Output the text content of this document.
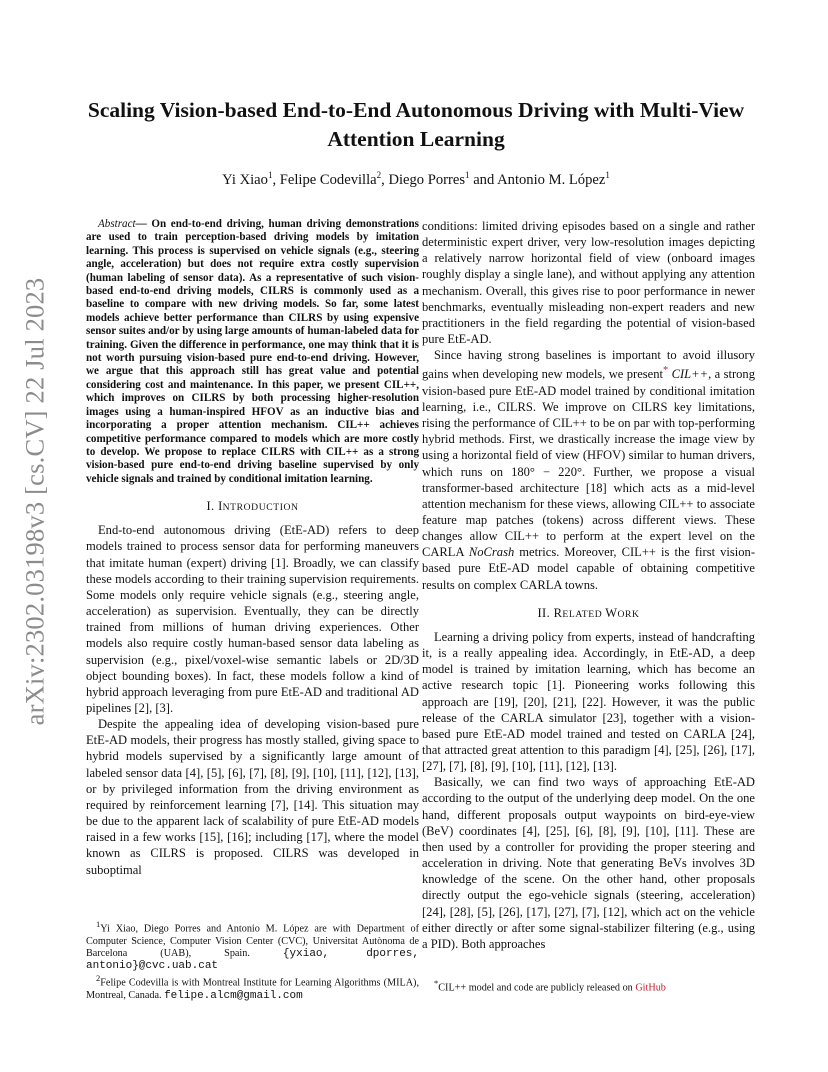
arXiv:2302.03198v3 [cs.CV] 22 Jul 2023
Scaling Vision-based End-to-End Autonomous Driving with Multi-View Attention Learning
Yi Xiao$^1$, Felipe Codevilla$^2$, Diego Porres$^1$ and Antonio M. López$^1$

Abstract— On end-to-end driving, human driving demonstrations are used to train perception-based driving models by imitation learning. This process is supervised on vehicle signals (e.g., steering angle, acceleration) but does not require extra costly supervision (human labeling of sensor data). As a representative of such vision-based end-to-end driving models, CILRS is commonly used as a baseline to compare with new driving models. So far, some latest models achieve better performance than CILRS by using expensive sensor suites and/or by using large amounts of human-labeled data for training. Given the difference in performance, one may think that it is not worth pursuing vision-based pure end-to-end driving. However, we argue that this approach still has great value and potential considering cost and maintenance. In this paper, we present CIL++, which improves on CILRS by both processing higher-resolution images using a human-inspired HFOV as an inductive bias and incorporating a proper attention mechanism. CIL++ achieves competitive performance compared to models which are more costly to develop. We propose to replace CILRS with CIL++ as a strong vision-based pure end-to-end driving baseline supervised by only vehicle signals and trained by conditional imitation learning.

I. INTRODUCTION

End-to-end autonomous driving (EtE-AD) refers to deep models trained to process sensor data for performing maneuvers that imitate human (expert) driving [1]. Broadly, we can classify these models according to their training supervision requirements. Some models only require vehicle signals (e.g., steering angle, acceleration) as supervision. Eventually, they can be directly trained from millions of human driving experiences. Other models also require costly human-based sensor data labeling as supervision (e.g., pixel/voxel-wise semantic labels or 2D/3D object bounding boxes). In fact, these models follow a kind of hybrid approach leveraging from pure EtE-AD and traditional AD pipelines [2], [3].

Despite the appealing idea of developing vision-based pure EtE-AD models, their progress has mostly stalled, giving space to hybrid models supervised by a significantly large amount of labeled sensor data [4], [5], [6], [7], [8], [9], [10], [11], [12], [13], or by privileged information from the driving environment as required by reinforcement learning [7], [14]. This situation may be due to the apparent lack of scalability of pure EtE-AD models raised in a few works [15], [16]; including [17], where the model known as CILRS is proposed. CILRS was developed in suboptimal

$^1$Yi Xiao, Diego Porres and Antonio M. López are with Department of Computer Science, Computer Vision Center (CVC), Universitat Autònoma de Barcelona (UAB), Spain.	{yxiao, dporres, antonio}@cvc.uab.cat

$^2$Felipe Codevilla is with Montreal Institute for Learning Algorithms (MILA), Montreal, Canada. felipe.alcm@gmail.com

conditions: limited driving episodes based on a single and rather deterministic expert driver, very low-resolution images depicting a relatively narrow horizontal field of view (onboard images roughly display a single lane), and without applying any attention mechanism. Overall, this gives rise to poor performance in newer benchmarks, eventually misleading non-expert readers and new practitioners in the field regarding the potential of vision-based pure EtE-AD.

Since having strong baselines is important to avoid illusory gains when developing new models, we present* CIL++, a strong vision-based pure EtE-AD model trained by conditional imitation learning, i.e., CILRS. We improve on CILRS key limitations, rising the performance of CIL++ to be on par with top-performing hybrid methods. First, we drastically increase the image view by using a horizontal field of view (HFOV) similar to human drivers, which runs on 180° − 220°. Further, we propose a visual transformer-based architecture [18] which acts as a mid-level attention mechanism for these views, allowing CIL++ to associate feature map patches (tokens) across different views. These changes allow CIL++ to perform at the expert level on the CARLA NoCrash metrics. Moreover, CIL++ is the first vision-based pure EtE-AD model capable of obtaining competitive results on complex CARLA towns.

II. RELATED WORK

Learning a driving policy from experts, instead of handcrafting it, is a really appealing idea. Accordingly, in EtE-AD, a deep model is trained by imitation learning, which has become an active research topic [1]. Pioneering works following this approach are [19], [20], [21], [22]. However, it was the public release of the CARLA simulator [23], together with a vision-based pure EtE-AD model trained and tested on CARLA [24], that attracted great attention to this paradigm [4], [25], [26], [17], [27], [7], [8], [9], [10], [11], [12], [13].

Basically, we can find two ways of approaching EtE-AD according to the output of the underlying deep model. On the one hand, different proposals output waypoints on bird-eye-view (BeV) coordinates [4], [25], [6], [8], [9], [10], [11]. These are then used by a controller for providing the proper steering and acceleration in driving. Note that generating BeVs involves 3D knowledge of the scene. On the other hand, other proposals directly output the ego-vehicle signals (steering, acceleration) [24], [28], [5], [26], [17], [27], [7], [12], which act on the vehicle either directly or after some signal-stabilizer filtering (e.g., using a PID). Both approaches

*CIL++ model and code are publicly released on GitHub
